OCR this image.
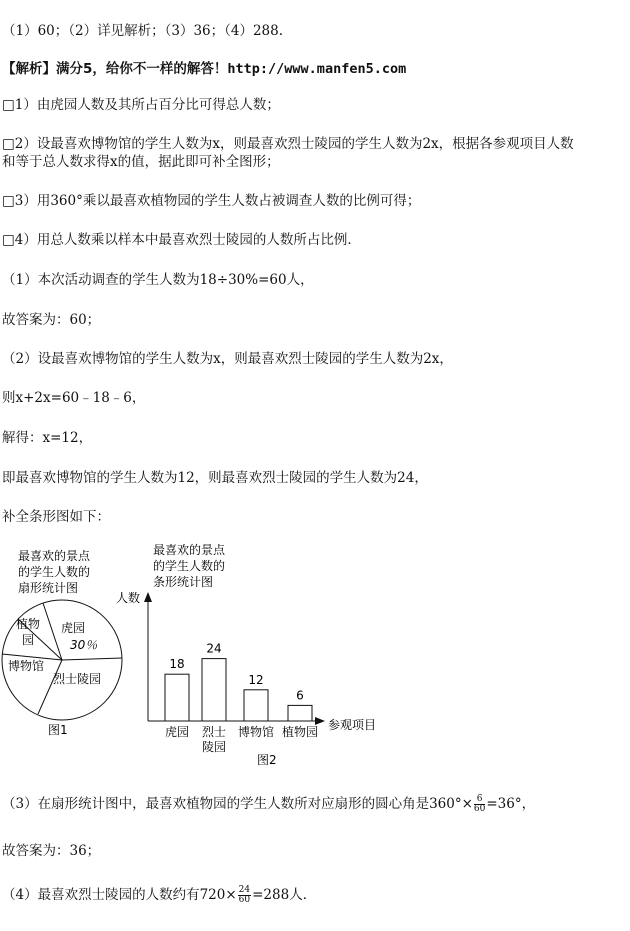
（1）60；（2）详见解析；（3）36；（4）288.
【解析】满分5，给你不一样的解答！http://www.manfen5.com
□1）由虎园人数及其所占百分比可得总人数；
□2）设最喜欢博物馆的学生人数为x，则最喜欢烈士陵园的学生人数为2x，根据各参观项目人数
和等于总人数求得x的值，据此即可补全图形；
□3）用360°乘以最喜欢植物园的学生人数占被调查人数的比例可得；
□4）用总人数乘以样本中最喜欢烈士陵园的人数所占比例．
（1）本次活动调查的学生人数为18÷30%=60人，
故答案为：60；
（2）设最喜欢博物馆的学生人数为x，则最喜欢烈士陵园的学生人数为2x，
则x+2x=60﹣18﹣6，
解得：x=12，
即最喜欢博物馆的学生人数为12，则最喜欢烈士陵园的学生人数为24，
补全条形图如下：
最喜欢的景点
的学生人数的
扇形统计图
虎园
30％
植物
园
博物馆
烈士陵园
图1
最喜欢的景点
的学生人数的
条形统计图
人数
参观项目
18
虎园
24
烈士
陵园
12
博物馆
6
植物园
图2
（3）在扇形统计图中，最喜欢植物园的学生人数所对应扇形的圆心角是$360^\circ\times \frac{6}{60} =36^\circ$，
故答案为：36；
（4）最喜欢烈士陵园的人数约有$720\times \frac{24}{60} =288$人．
